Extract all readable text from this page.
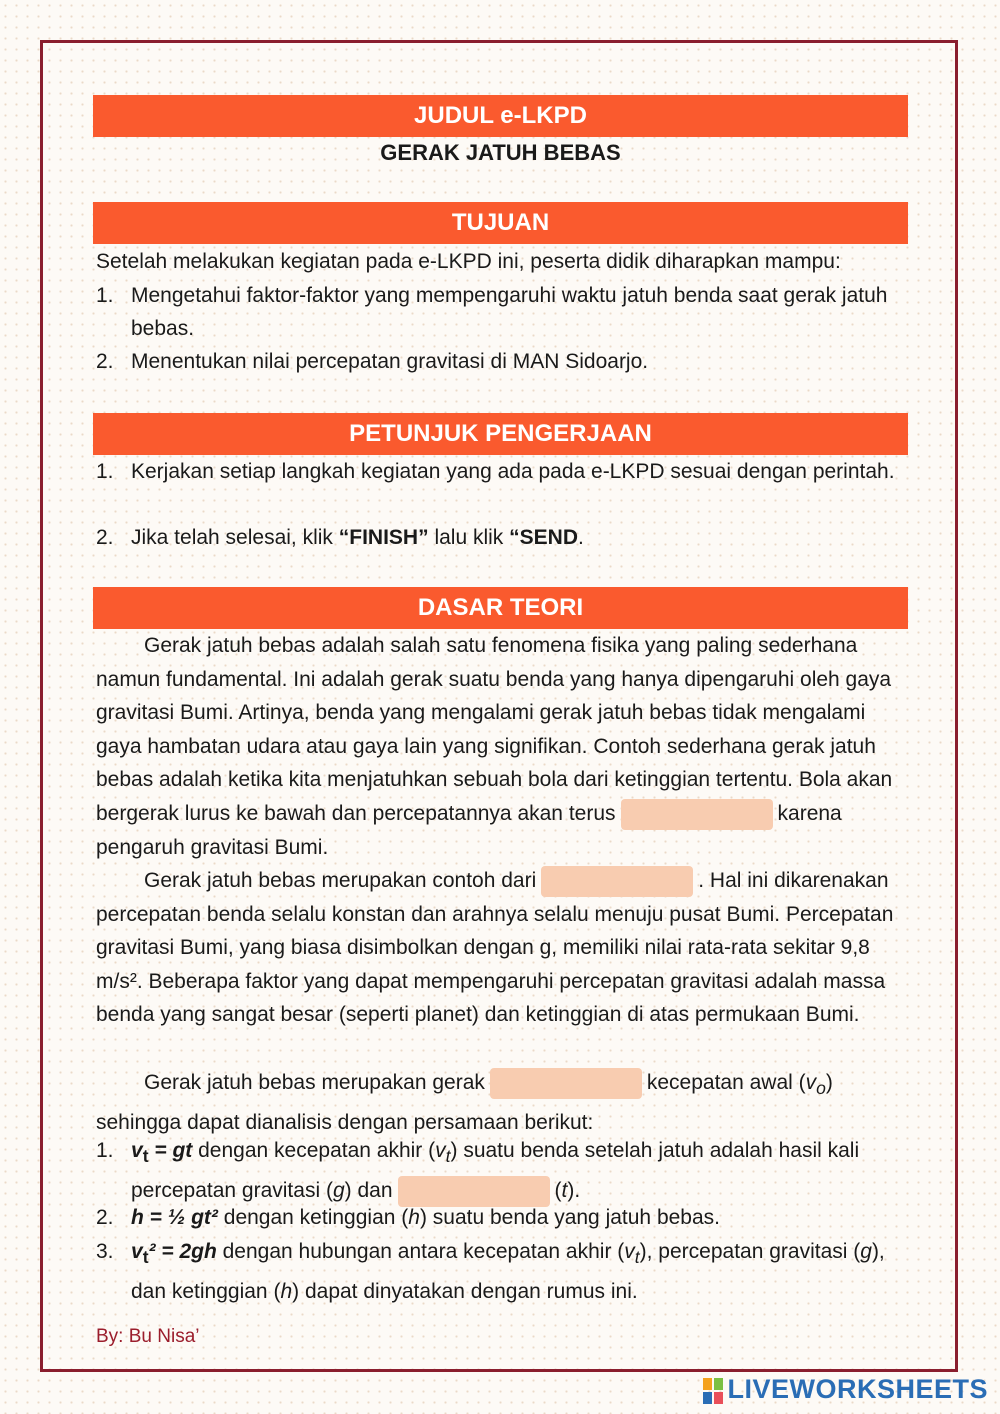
JUDUL e-LKPD
GERAK JATUH BEBAS
TUJUAN
Setelah melakukan kegiatan pada e-LKPD ini, peserta didik diharapkan mampu:
1. Mengetahui faktor-faktor yang mempengaruhi waktu jatuh benda saat gerak jatuh bebas.
2. Menentukan nilai percepatan gravitasi di MAN Sidoarjo.
PETUNJUK PENGERJAAN
1. Kerjakan setiap langkah kegiatan yang ada pada e-LKPD sesuai dengan perintah.
2. Jika telah selesai, klik “FINISH” lalu klik “SEND.
DASAR TEORI
Gerak jatuh bebas adalah salah satu fenomena fisika yang paling sederhana namun fundamental. Ini adalah gerak suatu benda yang hanya dipengaruhi oleh gaya gravitasi Bumi. Artinya, benda yang mengalami gerak jatuh bebas tidak mengalami gaya hambatan udara atau gaya lain yang signifikan. Contoh sederhana gerak jatuh bebas adalah ketika kita menjatuhkan sebuah bola dari ketinggian tertentu. Bola akan bergerak lurus ke bawah dan percepatannya akan terus	karena pengaruh gravitasi Bumi.
Gerak jatuh bebas merupakan contoh dari	. Hal ini dikarenakan percepatan benda selalu konstan dan arahnya selalu menuju pusat Bumi. Percepatan gravitasi Bumi, yang biasa disimbolkan dengan g, memiliki nilai rata-rata sekitar 9,8 m/s². Beberapa faktor yang dapat mempengaruhi percepatan gravitasi adalah massa benda yang sangat besar (seperti planet) dan ketinggian di atas permukaan Bumi.
Gerak jatuh bebas merupakan gerak	kecepatan awal $(v_o)$ sehingga dapat dianalisis dengan persamaan berikut:
1. $v_t$ = gt dengan kecepatan akhir $(v_t)$ suatu benda setelah jatuh adalah hasil kali percepatan gravitasi (g) dan	(t).
2. h = ½ gt² dengan ketinggian (h) suatu benda yang jatuh bebas.
3. $v_t^2 = 2gh$ dengan hubungan antara kecepatan akhir $(v_t)$, percepatan gravitasi (g), dan ketinggian (h) dapat dinyatakan dengan rumus ini.
By: Bu Nisa’
LIVEWORKSHEETS
